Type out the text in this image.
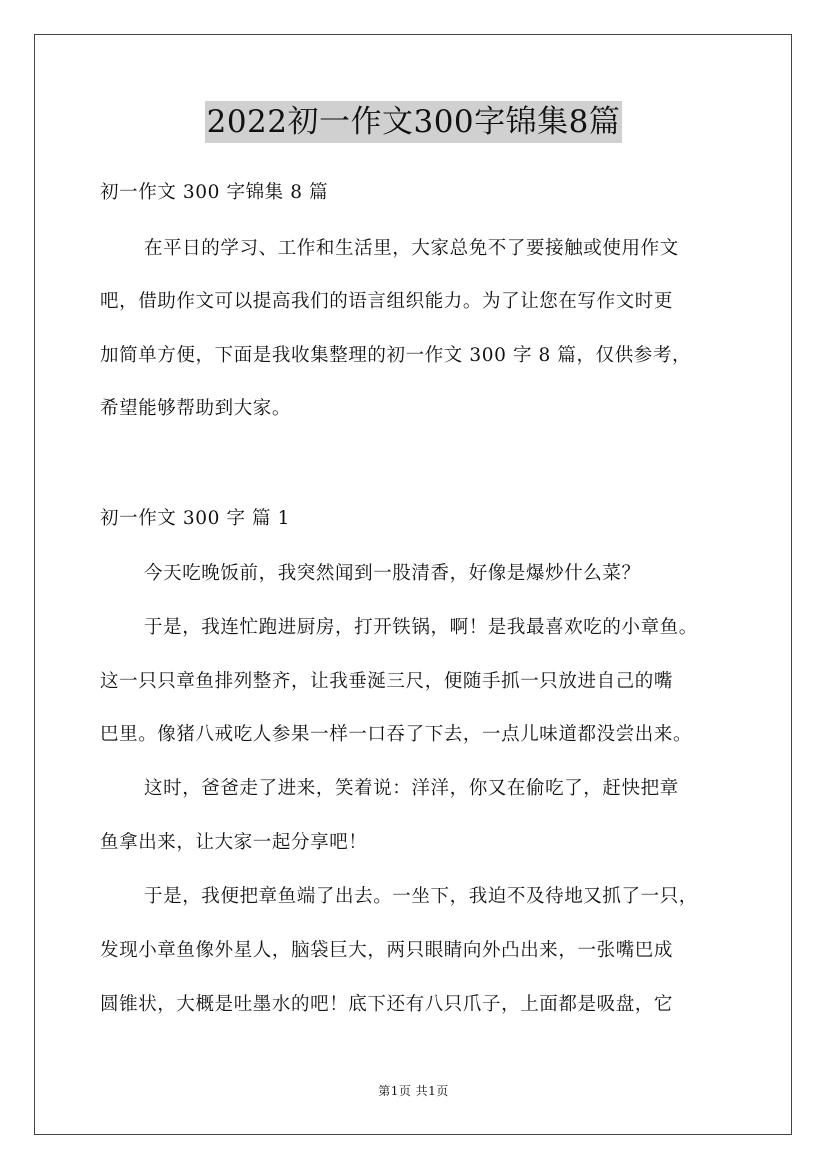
2022初一作文300字锦集8篇
初一作文 300 字锦集 8 篇
在平日的学习、工作和生活里，大家总免不了要接触或使用作文
吧，借助作文可以提高我们的语言组织能力。为了让您在写作文时更
加简单方便，下面是我收集整理的初一作文 300 字 8 篇，仅供参考，
希望能够帮助到大家。
初一作文 300 字 篇 1
今天吃晚饭前，我突然闻到一股清香，好像是爆炒什么菜？
于是，我连忙跑进厨房，打开铁锅，啊！是我最喜欢吃的小章鱼。
这一只只章鱼排列整齐，让我垂涎三尺，便随手抓一只放进自己的嘴
巴里。像猪八戒吃人参果一样一口吞了下去，一点儿味道都没尝出来。
这时，爸爸走了进来，笑着说：洋洋，你又在偷吃了，赶快把章
鱼拿出来，让大家一起分享吧！
于是，我便把章鱼端了出去。一坐下，我迫不及待地又抓了一只，
发现小章鱼像外星人，脑袋巨大，两只眼睛向外凸出来，一张嘴巴成
圆锥状，大概是吐墨水的吧！底下还有八只爪子，上面都是吸盘，它
第1页 共1页
